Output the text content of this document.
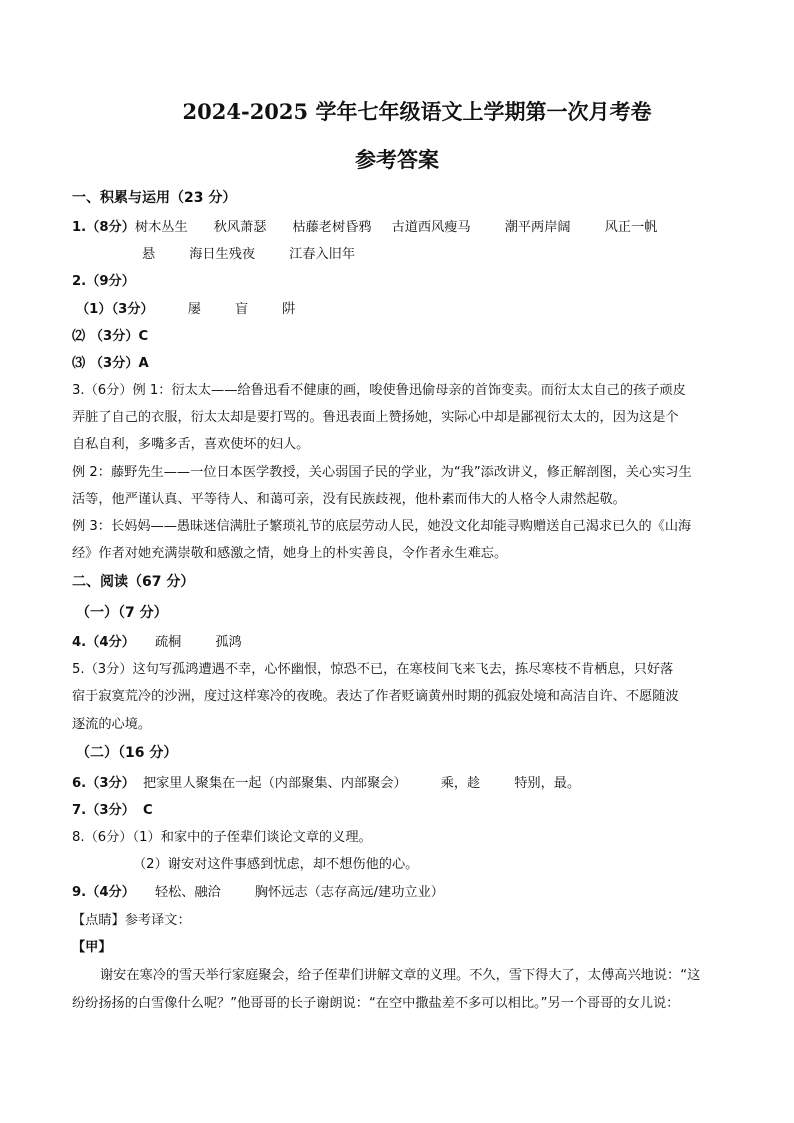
2024-2025 学年七年级语文上学期第一次月考卷
参考答案
一、积累与运用（23 分）
1.（8分）树木丛生 秋风萧瑟 枯藤老树昏鸦 古道西风瘦马	潮平两岸阔	风正一帆
悬	海日生残夜	江春入旧年
2.（9分）
（1）（3分）	屡	盲	阱
⑵ （3分）C
⑶ （3分）A
3.（6分）例 1：衍太太——给鲁迅看不健康的画，唆使鲁迅偷母亲的首饰变卖。而衍太太自己的孩子顽皮
弄脏了自己的衣服，衍太太却是要打骂的。鲁迅表面上赞扬她，实际心中却是鄙视衍太太的，因为这是个
自私自利，多嘴多舌，喜欢使坏的妇人。
例 2：藤野先生——一位日本医学教授，关心弱国子民的学业，为“我”添改讲义，修正解剖图，关心实习生
活等，他严谨认真、平等待人、和蔼可亲，没有民族歧视，他朴素而伟大的人格令人肃然起敬。
例 3：长妈妈——愚昧迷信满肚子繁琐礼节的底层劳动人民，她没文化却能寻购赠送自己渴求已久的《山海
经》作者对她充满崇敬和感激之情，她身上的朴实善良，令作者永生难忘。
二、阅读（67 分）
（一）（7 分）
4.（4分） 疏桐	孤鸿
5.（3分）这句写孤鸿遭遇不幸，心怀幽恨，惊恐不已，在寒枝间飞来飞去，拣尽寒枝不肯栖息，只好落
宿于寂寞荒冷的沙洲，度过这样寒冷的夜晚。表达了作者贬谪黄州时期的孤寂处境和高洁自许、不愿随波
逐流的心境。
（二）（16 分）
6.（3分） 把家里人聚集在一起（内部聚集、内部聚会）	乘，趁	特别，最。
7.（3分） C
8.（6分）（1）和家中的子侄辈们谈论文章的义理。
（2）谢安对这件事感到忧虑，却不想伤他的心。
9.（4分） 轻松、融洽	胸怀远志（志存高远/建功立业）
【点睛】参考译文：
【甲】
谢安在寒冷的雪天举行家庭聚会，给子侄辈们讲解文章的义理。不久，雪下得大了，太傅高兴地说：“这
纷纷扬扬的白雪像什么呢？”他哥哥的长子谢朗说：“在空中撒盐差不多可以相比。”另一个哥哥的女儿说：
